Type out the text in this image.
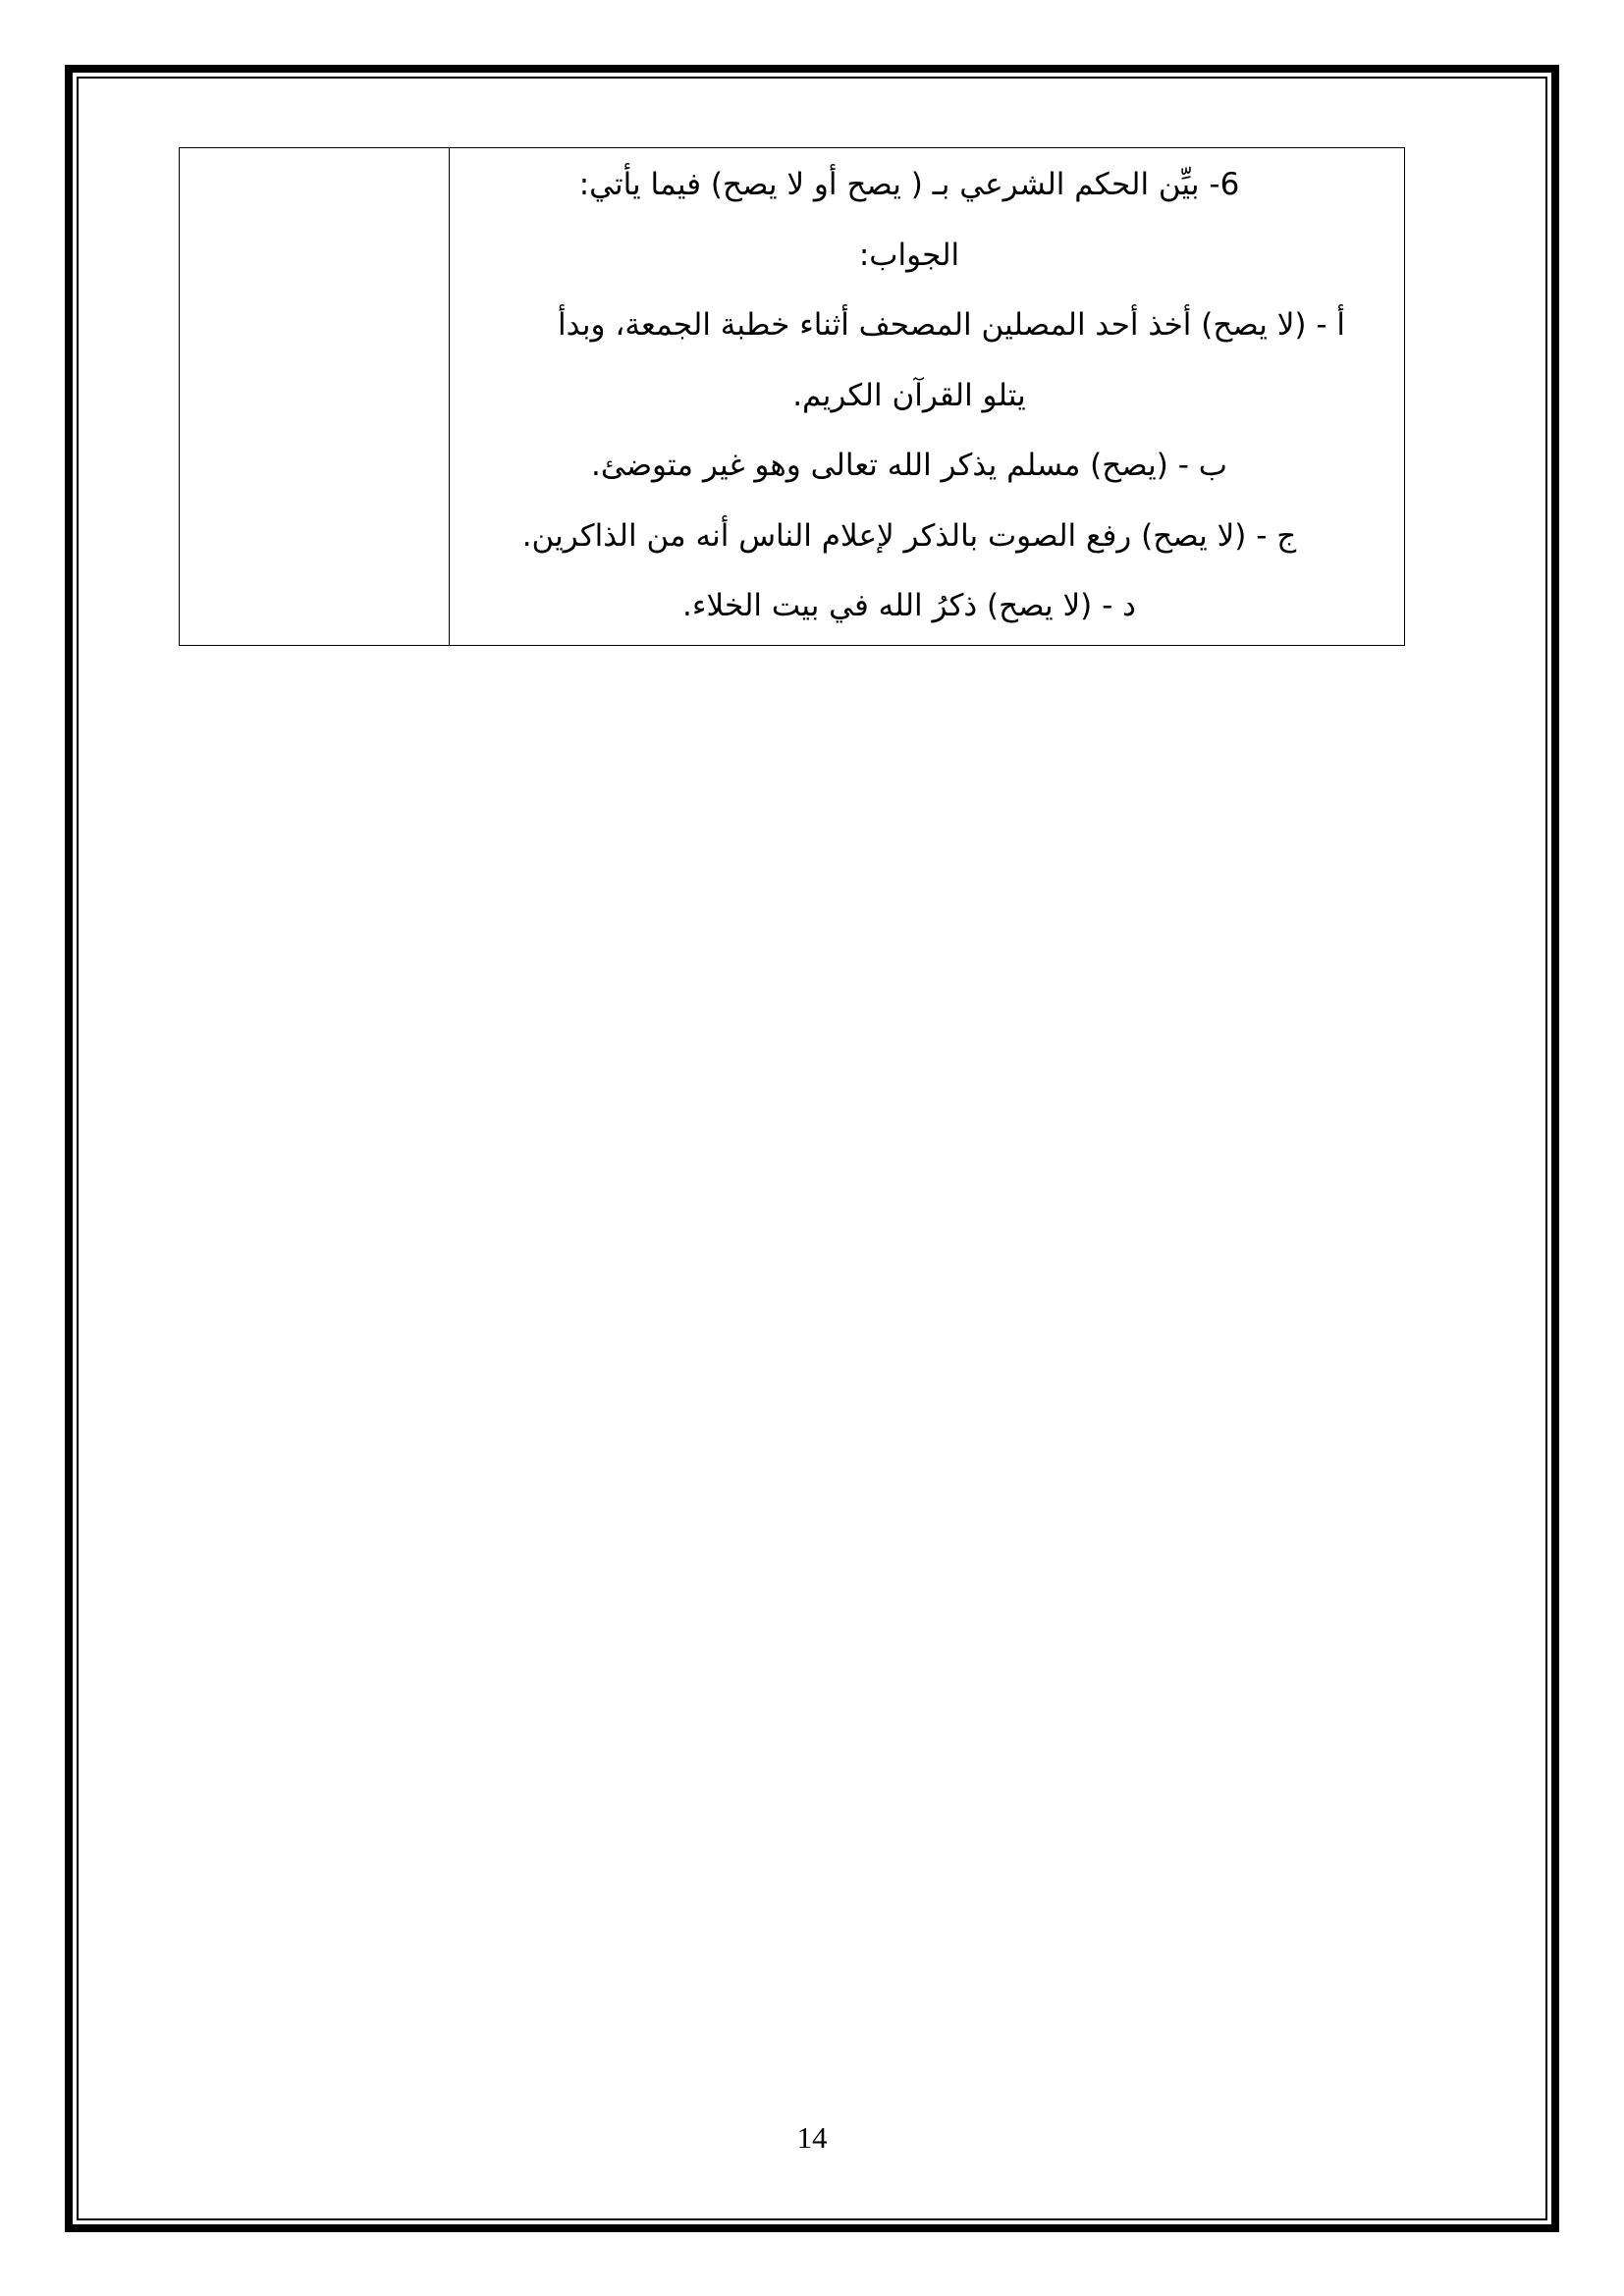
6- بيِّن الحكم الشرعي بـ ( يصح أو لا يصح) فيما يأتي:
الجواب:
أ - (لا يصح) أخذ أحد المصلين المصحف أثناء خطبة الجمعة، وبدأ
يتلو القرآن الكريم.
ب - (يصح) مسلم يذكر الله تعالى وهو غير متوضئ.
ج - (لا يصح) رفع الصوت بالذكر لإعلام الناس أنه من الذاكرين.
د - (لا يصح) ذكرُ الله في بيت الخلاء.
14
